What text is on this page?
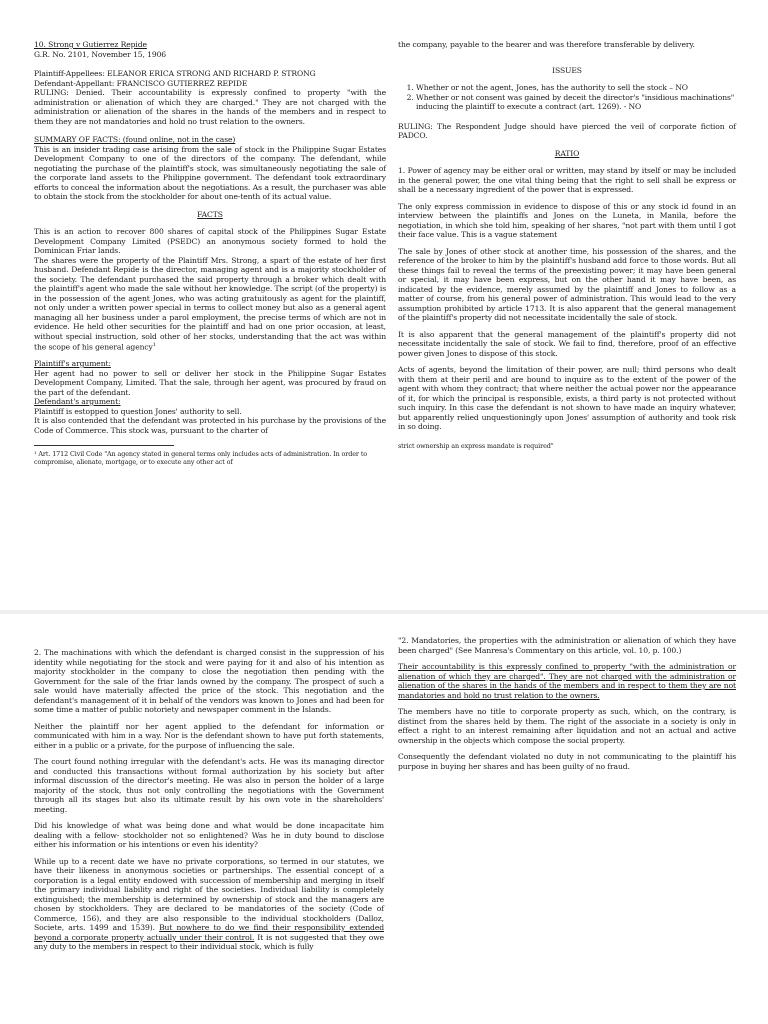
10. Strong v Gutierrez Repide

G.R. No. 2101, November 15, 1906

Plaintiff-Appellees: ELEANOR ERICA STRONG AND RICHARD P. STRONG

Defendant-Appellant: FRANCISCO GUTIERREZ REPIDE

RULING: Denied. Their accountability is expressly confined to property "with the administration or alienation of which they are charged." They are not charged with the administration or alienation of the shares in the hands of the members and in respect to them they are not mandatories and hold no trust relation to the owners.

SUMMARY OF FACTS: (found online, not in the case)

This is an insider trading case arising from the sale of stock in the Philippine Sugar Estates Development Company to one of the directors of the company. The defendant, while negotiating the purchase of the plaintiff's stock, was simultaneously negotiating the sale of the corporate land assets to the Philippine government. The defendant took extraordinary efforts to conceal the information about the negotiations. As a result, the purchaser was able to obtain the stock from the stockholder for about one-tenth of its actual value.

FACTS

This is an action to recover 800 shares of capital stock of the Philippines Sugar Estate Development Company Limited (PSEDC) an anonymous society formed to hold the Dominican Friar lands.

The shares were the property of the Plaintiff Mrs. Strong, a spart of the estate of her first husband. Defendant Repide is the director, managing agent and is a majority stockholder of the society. The defendant purchased the said property through a broker which dealt with the plaintiff's agent who made the sale without her knowledge. The script (of the property) is in the possession of the agent Jones, who was acting gratuitously as agent for the plaintiff, not only under a written power special in terms to collect money but also as a general agent managing all her business under a parol employment, the precise terms of which are not in evidence. He held other securities for the plaintiff and had on one prior occasion, at least, without special instruction, sold other of her stocks, understanding that the act was within the scope of his general agency$^1$

Plaintiff's argument:

Her agent had no power to sell or deliver her stock in the Philippine Sugar Estates Development Company, Limited. That the sale, through her agent, was procured by fraud on the part of the defendant.

Defendant's argument:

Plaintiff is estopped to question Jones' authority to sell.

It is also contended that the defendant was protected in his purchase by the provisions of the Code of Commerce. This stock was, pursuant to the charter of

¹ Art. 1712 Civil Code "An agency stated in general terms only includes acts of administration. In order to compromise, alienate, mortgage, or to execute any other act of

the company, payable to the bearer and was therefore transferable by delivery.

ISSUES
1. Whether or not the agent, Jones, has the authority to sell the stock – NO
2. Whether or not consent was gained by deceit the director's "insidious machinations" inducing the plaintiff to execute a contract (art. 1269). - NO

RULING: The Respondent Judge should have pierced the veil of corporate fiction of PADCO.

RATIO

1. Power of agency may be either oral or written, may stand by itself or may be included in the general power, the one vital thing being that the right to sell shall be express or shall be a necessary ingredient of the power that is expressed.

The only express commission in evidence to dispose of this or any stock id found in an interview between the plaintiffs and Jones on the Luneta, in Manila, before the negotiation, in which she told him, speaking of her shares, "not part with them until I got their face value. This is a vague statement

The sale by Jones of other stock at another time, his possession of the shares, and the reference of the broker to him by the plaintiff's husband add force to those words. But all these things fail to reveal the terms of the preexisting power; it may have been general or special, it may have been express, but on the other hand it may have been, as indicated by the evidence, merely assumed by the plaintiff and Jones to follow as a matter of course, from his general power of administration. This would lead to the very assumption prohibited by article 1713. It is also apparent that the general management of the plaintiff's property did not necessitate incidentally the sale of stock.

It is also apparent that the general management of the plaintiff's property did not necessitate incidentally the sale of stock. We fail to find, therefore, proof of an effective power given Jones to dispose of this stock.

Acts of agents, beyond the limitation of their power, are null; third persons who dealt with them at their peril and are bound to inquire as to the extent of the power of the agent with whom they contract; that where neither the actual power nor the appearance of it, for which the principal is responsible, exists, a third party is not protected without such inquiry. In this case the defendant is not shown to have made an inquiry whatever, but apparently relied unquestioningly upon Jones' assumption of authority and took risk in so doing.

strict ownership an express mandate is required"

2. The machinations with which the defendant is charged consist in the suppression of his identity while negotiating for the stock and were paying for it and also of his intention as majority stockholder in the company to close the negotiation then pending with the Government for the sale of the friar lands owned by the company. The prospect of such a sale would have materially affected the price of the stock. This negotiation and the defendant's management of it in behalf of the vendors was known to Jones and had been for some time a matter of public notoriety and newspaper comment in the Islands.

Neither the plaintiff nor her agent applied to the defendant for information or communicated with him in a way. Nor is the defendant shown to have put forth statements, either in a public or a private, for the purpose of influencing the sale.

The court found nothing irregular with the defendant's acts. He was its managing director and conducted this transactions without formal authorization by his society but after informal discussion of the director's meeting. He was also in person the holder of a large majority of the stock, thus not only controlling the negotiations with the Government through all its stages but also its ultimate result by his own vote in the shareholders' meeting.

Did his knowledge of what was being done and what would be done incapacitate him dealing with a fellow- stockholder not so enlightened? Was he in duty bound to disclose either his information or his intentions or even his identity?

While up to a recent date we have no private corporations, so termed in our statutes, we have their likeness in anonymous societies or partnerships. The essential concept of a corporation is a legal entity endowed with succession of membership and merging in itself the primary individual liability and right of the societies. Individual liability is completely extinguished; the membership is determined by ownership of stock and the managers are chosen by stockholders. They are declared to be mandatories of the society (Code of Commerce, 156), and they are also responsible to the individual stockholders (Dalloz, Societe, arts. 1499 and 1539). But nowhere to do we find their responsibility extended beyond a corporate property actually under their control. It is not suggested that they owe any duty to the members in respect to their individual stock, which is fully

"2. Mandatories, the properties with the administration or alienation of which they have been charged" (See Manresa's Commentary on this article, vol. 10, p. 100.)

Their accountability is this expressly confined to property "with the administration or alienation of which they are charged". They are not charged with the administration or alienation of the shares in the hands of the members and in respect to them they are not mandatories and hold no trust relation to the owners.

The members have no title to corporate property as such, which, on the contrary, is distinct from the shares held by them. The right of the associate in a society is only in effect a right to an interest remaining after liquidation and not an actual and active ownership in the objects which compose the social property.

Consequently the defendant violated no duty in not communicating to the plaintiff his purpose in buying her shares and has been guilty of no fraud.
